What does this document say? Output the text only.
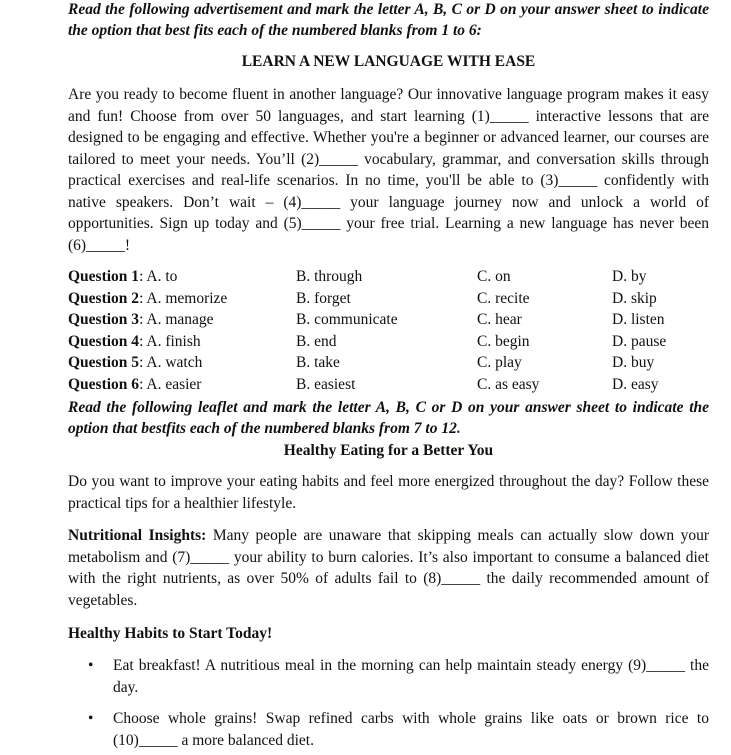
Read the following advertisement and mark the letter A, B, C or D on your answer sheet to indicate the option that best fits each of the numbered blanks from 1 to 6:
LEARN A NEW LANGUAGE WITH EASE
Are you ready to become fluent in another language? Our innovative language program makes it easy and fun! Choose from over 50 languages, and start learning (1)_____ interactive lessons that are designed to be engaging and effective. Whether you're a beginner or advanced learner, our courses are tailored to meet your needs. You’ll (2)_____ vocabulary, grammar, and conversation skills through practical exercises and real-life scenarios. In no time, you'll be able to (3)_____ confidently with native speakers. Don’t wait – (4)_____ your language journey now and unlock a world of opportunities. Sign up today and (5)_____ your free trial. Learning a new language has never been (6)_____!
Question 1: A. to	B. through	C. on	D. by
Question 2: A. memorize	B. forget	C. recite	D. skip
Question 3: A. manage	B. communicate	C. hear	D. listen
Question 4: A. finish	B. end	C. begin	D. pause
Question 5: A. watch	B. take	C. play	D. buy
Question 6: A. easier	B. easiest	C. as easy	D. easy
Read the following leaflet and mark the letter A, B, C or D on your answer sheet to indicate the option that bestfits each of the numbered blanks from 7 to 12.
Healthy Eating for a Better You
Do you want to improve your eating habits and feel more energized throughout the day? Follow these practical tips for a healthier lifestyle.
Nutritional Insights: Many people are unaware that skipping meals can actually slow down your metabolism and (7)_____ your ability to burn calories. It’s also important to consume a balanced diet with the right nutrients, as over 50% of adults fail to (8)_____ the daily recommended amount of vegetables.
Healthy Habits to Start Today!
• Eat breakfast! A nutritious meal in the morning can help maintain steady energy (9)_____ the day.
• Choose whole grains! Swap refined carbs with whole grains like oats or brown rice to (10)_____ a more balanced diet.
